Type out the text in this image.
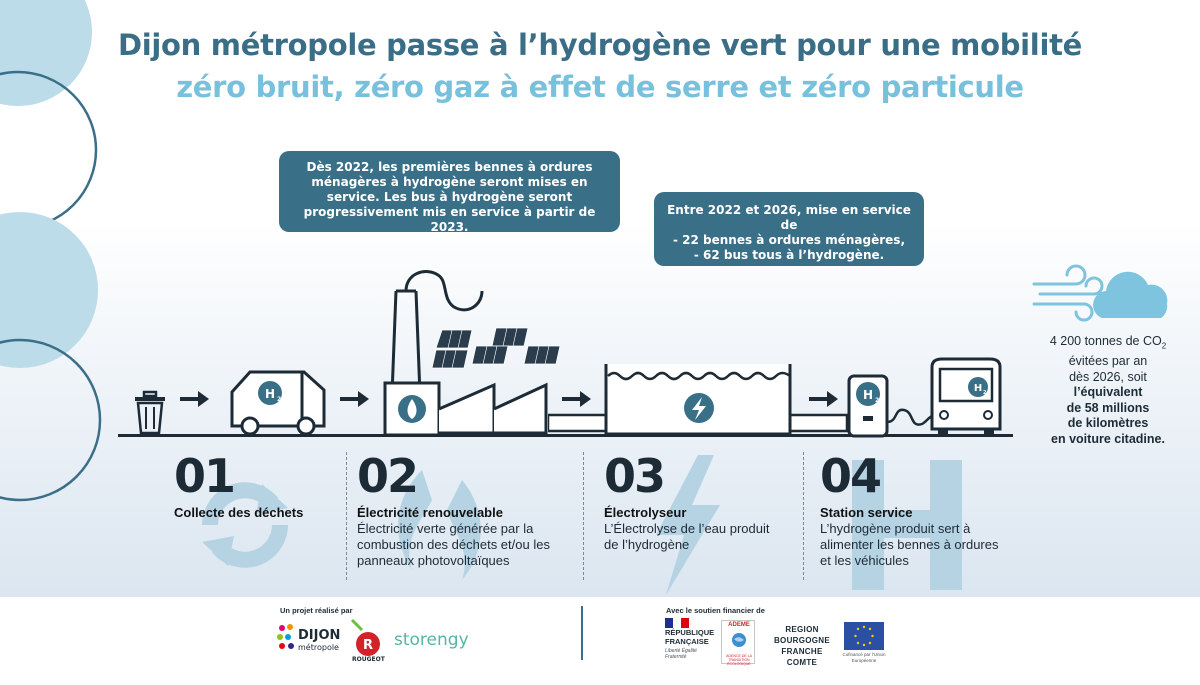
Dijon métropole passe à l’hydrogène vert pour une mobilité
zéro bruit, zéro gaz à effet de serre et zéro particule
Dès 2022, les premières bennes à ordures ménagères à hydrogène seront mises en service. Les bus à hydrogène seront progressivement mis en service à partir de 2023.
Entre 2022 et 2026, mise en service de
- 22 bennes à ordures ménagères,
- 62 bus tous à l’hydrogène.
4 200 tonnes de $CO_2$
évitées par an
dès 2026, soit
l’équivalent
de 58 millions
de kilomètres
en voiture citadine.
H 2	H 2
H 2
01
Collecte des déchets
02
Électricité renouvelable
Électricité verte générée par la combustion des déchets et/ou les panneaux photovoltaïques
03
Électrolyseur
L’Électrolyse de l’eau produit de l’hydrogène
04
Station service
L’hydrogène produit sert à alimenter les bennes à ordures et les véhicules
Un projet réalisé par	Avec le soutien financier de
DIJON
métropole R
ROUGEOT
storengy	RÉPUBLIQUE
FRANÇAISE
Liberté Égalité Fraternité
ADEME
AGENCE DE LA TRANSITION ÉCOLOGIQUE
REGION
BOURGOGNE
FRANCHE
COMTE
Cofinancé par l’Union Européenne
